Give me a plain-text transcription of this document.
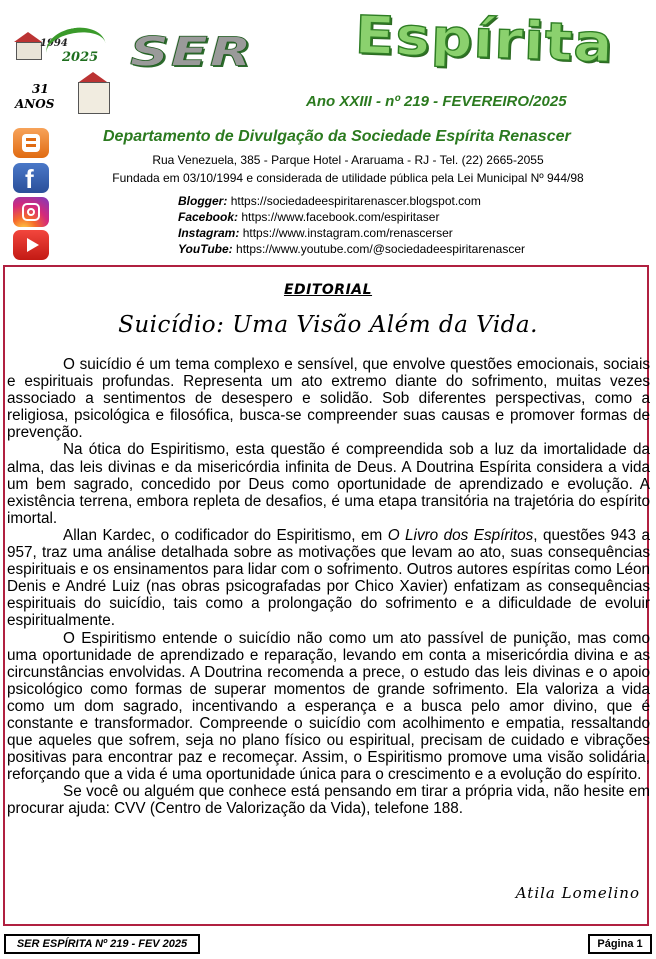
1994
2025
31
ANOS
SER Espírita
Ano XXIII - nº 219 - FEVEREIRO/2025
f
Departamento de Divulgação da Sociedade Espírita Renascer
Rua Venezuela, 385 - Parque Hotel - Araruama - RJ - Tel. (22) 2665-2055
Fundada em 03/10/1994 e considerada de utilidade pública pela Lei Municipal Nº 944/98
Blogger: https://sociedadeespiritarenascer.blogspot.com
Facebook: https://www.facebook.com/espiritaser
Instagram: https://www.instagram.com/renascerser
YouTube: https://www.youtube.com/@sociedadeespiritarenascer
EDITORIAL
Suicídio: Uma Visão Além da Vida.

O suicídio é um tema complexo e sensível, que envolve questões emocionais, sociais e espirituais profundas. Representa um ato extremo diante do sofrimento, muitas vezes associado a sentimentos de desespero e solidão. Sob diferentes perspectivas, como a religiosa, psicológica e filosófica, busca-se compreender suas causas e promover formas de prevenção.

Na ótica do Espiritismo, esta questão é compreendida sob a luz da imortalidade da alma, das leis divinas e da misericórdia infinita de Deus. A Doutrina Espírita considera a vida um bem sagrado, concedido por Deus como oportunidade de aprendizado e evolução. A existência terrena, embora repleta de desafios, é uma etapa transitória na trajetória do espírito imortal.

Allan Kardec, o codificador do Espiritismo, em O Livro dos Espíritos, questões 943 a 957, traz uma análise detalhada sobre as motivações que levam ao ato, suas consequências espirituais e os ensinamentos para lidar com o sofrimento. Outros autores espíritas como Léon Denis e André Luiz (nas obras psicografadas por Chico Xavier) enfatizam as consequências espirituais do suicídio, tais como a prolongação do sofrimento e a dificuldade de evoluir espiritualmente.

O Espiritismo entende o suicídio não como um ato passível de punição, mas como uma oportunidade de aprendizado e reparação, levando em conta a misericórdia divina e as circunstâncias envolvidas. A Doutrina recomenda a prece, o estudo das leis divinas e o apoio psicológico como formas de superar momentos de grande sofrimento. Ela valoriza a vida como um dom sagrado, incentivando a esperança e a busca pelo amor divino, que é constante e transformador. Compreende o suicídio com acolhimento e empatia, ressaltando que aqueles que sofrem, seja no plano físico ou espiritual, precisam de cuidado e vibrações positivas para encontrar paz e recomeçar. Assim, o Espiritismo promove uma visão solidária, reforçando que a vida é uma oportunidade única para o crescimento e a evolução do espírito.

Se você ou alguém que conhece está pensando em tirar a própria vida, não hesite em procurar ajuda: CVV (Centro de Valorização da Vida), telefone 188.

Atila Lomelino
SER ESPÍRITA Nº 219 - FEV 2025	Página 1
